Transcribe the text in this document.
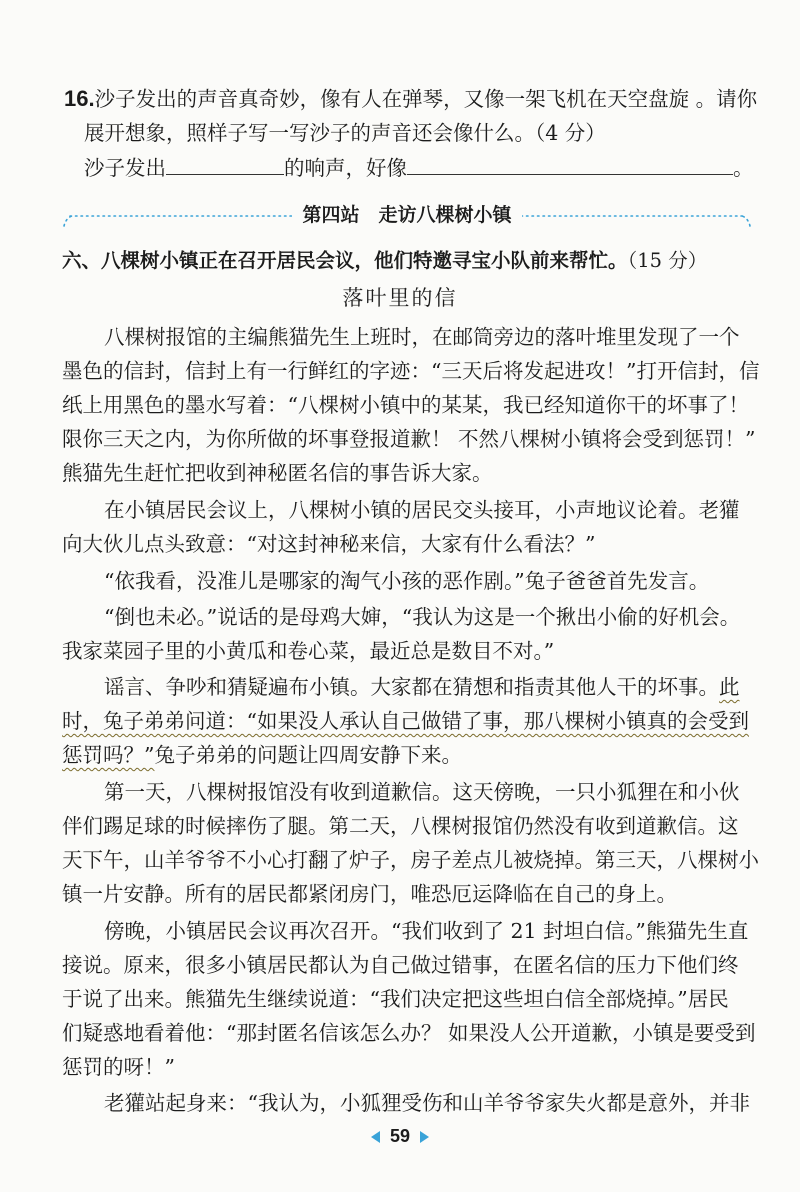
16.沙子发出的声音真奇妙，像有人在弹琴，又像一架飞机在天空盘旋 。请你
展开想象，照样子写一写沙子的声音还会像什么。（4 分）
沙子发出	的响声，好像	。
第四站　走访八棵树小镇
六、八棵树小镇正在召开居民会议，他们特邀寻宝小队前来帮忙。（15 分）
落叶里的信
八棵树报馆的主编熊猫先生上班时，在邮筒旁边的落叶堆里发现了一个
墨色的信封，信封上有一行鲜红的字迹：“三天后将发起进攻！”打开信封，信
纸上用黑色的墨水写着：“八棵树小镇中的某某，我已经知道你干的坏事了！
限你三天之内，为你所做的坏事登报道歉！ 不然八棵树小镇将会受到惩罚！”
熊猫先生赶忙把收到神秘匿名信的事告诉大家。
在小镇居民会议上，八棵树小镇的居民交头接耳，小声地议论着。老獾
向大伙儿点头致意：“对这封神秘来信，大家有什么看法？”
“依我看，没准儿是哪家的淘气小孩的恶作剧。”兔子爸爸首先发言。
“倒也未必。”说话的是母鸡大婶，“我认为这是一个揪出小偷的好机会。
我家菜园子里的小黄瓜和卷心菜，最近总是数目不对。”
谣言、争吵和猜疑遍布小镇。大家都在猜想和指责其他人干的坏事。此
时，兔子弟弟问道：“如果没人承认自己做错了事，那八棵树小镇真的会受到
惩罚吗？”兔子弟弟的问题让四周安静下来。
第一天，八棵树报馆没有收到道歉信。这天傍晚，一只小狐狸在和小伙
伴们踢足球的时候摔伤了腿。第二天，八棵树报馆仍然没有收到道歉信。这
天下午，山羊爷爷不小心打翻了炉子，房子差点儿被烧掉。第三天，八棵树小
镇一片安静。所有的居民都紧闭房门，唯恐厄运降临在自己的身上。
傍晚，小镇居民会议再次召开。“我们收到了 21 封坦白信。”熊猫先生直
接说。原来，很多小镇居民都认为自己做过错事，在匿名信的压力下他们终
于说了出来。熊猫先生继续说道：“我们决定把这些坦白信全部烧掉。”居民
们疑惑地看着他：“那封匿名信该怎么办？ 如果没人公开道歉，小镇是要受到
惩罚的呀！”
老獾站起身来：“我认为，小狐狸受伤和山羊爷爷家失火都是意外，并非
59
